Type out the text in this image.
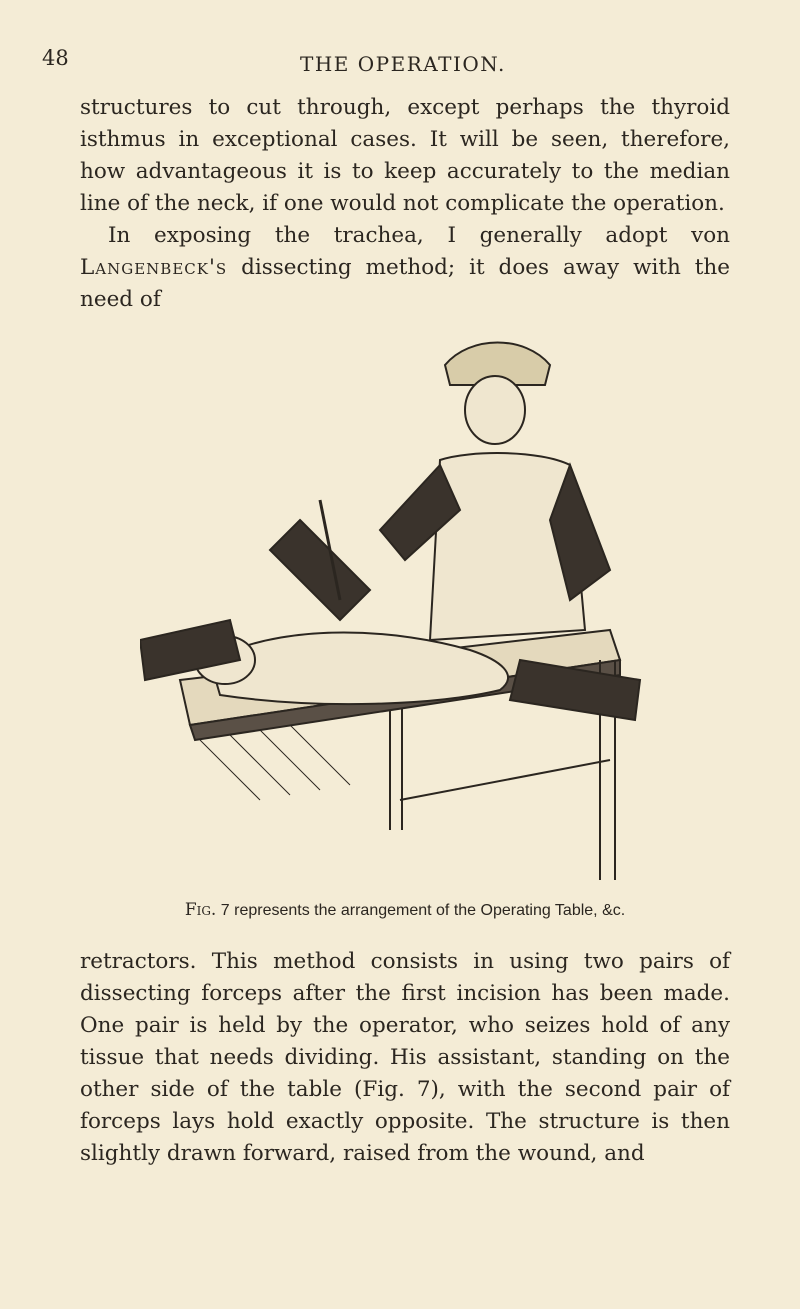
48	THE OPERATION.

structures to cut through, except perhaps the thyroid isthmus in exceptional cases. It will be seen, therefore, how advantageous it is to keep accurately to the median line of the neck, if one would not complicate the operation.

In exposing the trachea, I generally adopt von Langenbeck's dissecting method; it does away with the need of

Fig. 7 represents the arrangement of the Operating Table, &c.

retractors. This method consists in using two pairs of dissecting forceps after the first incision has been made. One pair is held by the operator, who seizes hold of any tissue that needs dividing. His assistant, standing on the other side of the table (Fig. 7), with the second pair of forceps lays hold exactly opposite. The structure is then slightly drawn forward, raised from the wound, and
